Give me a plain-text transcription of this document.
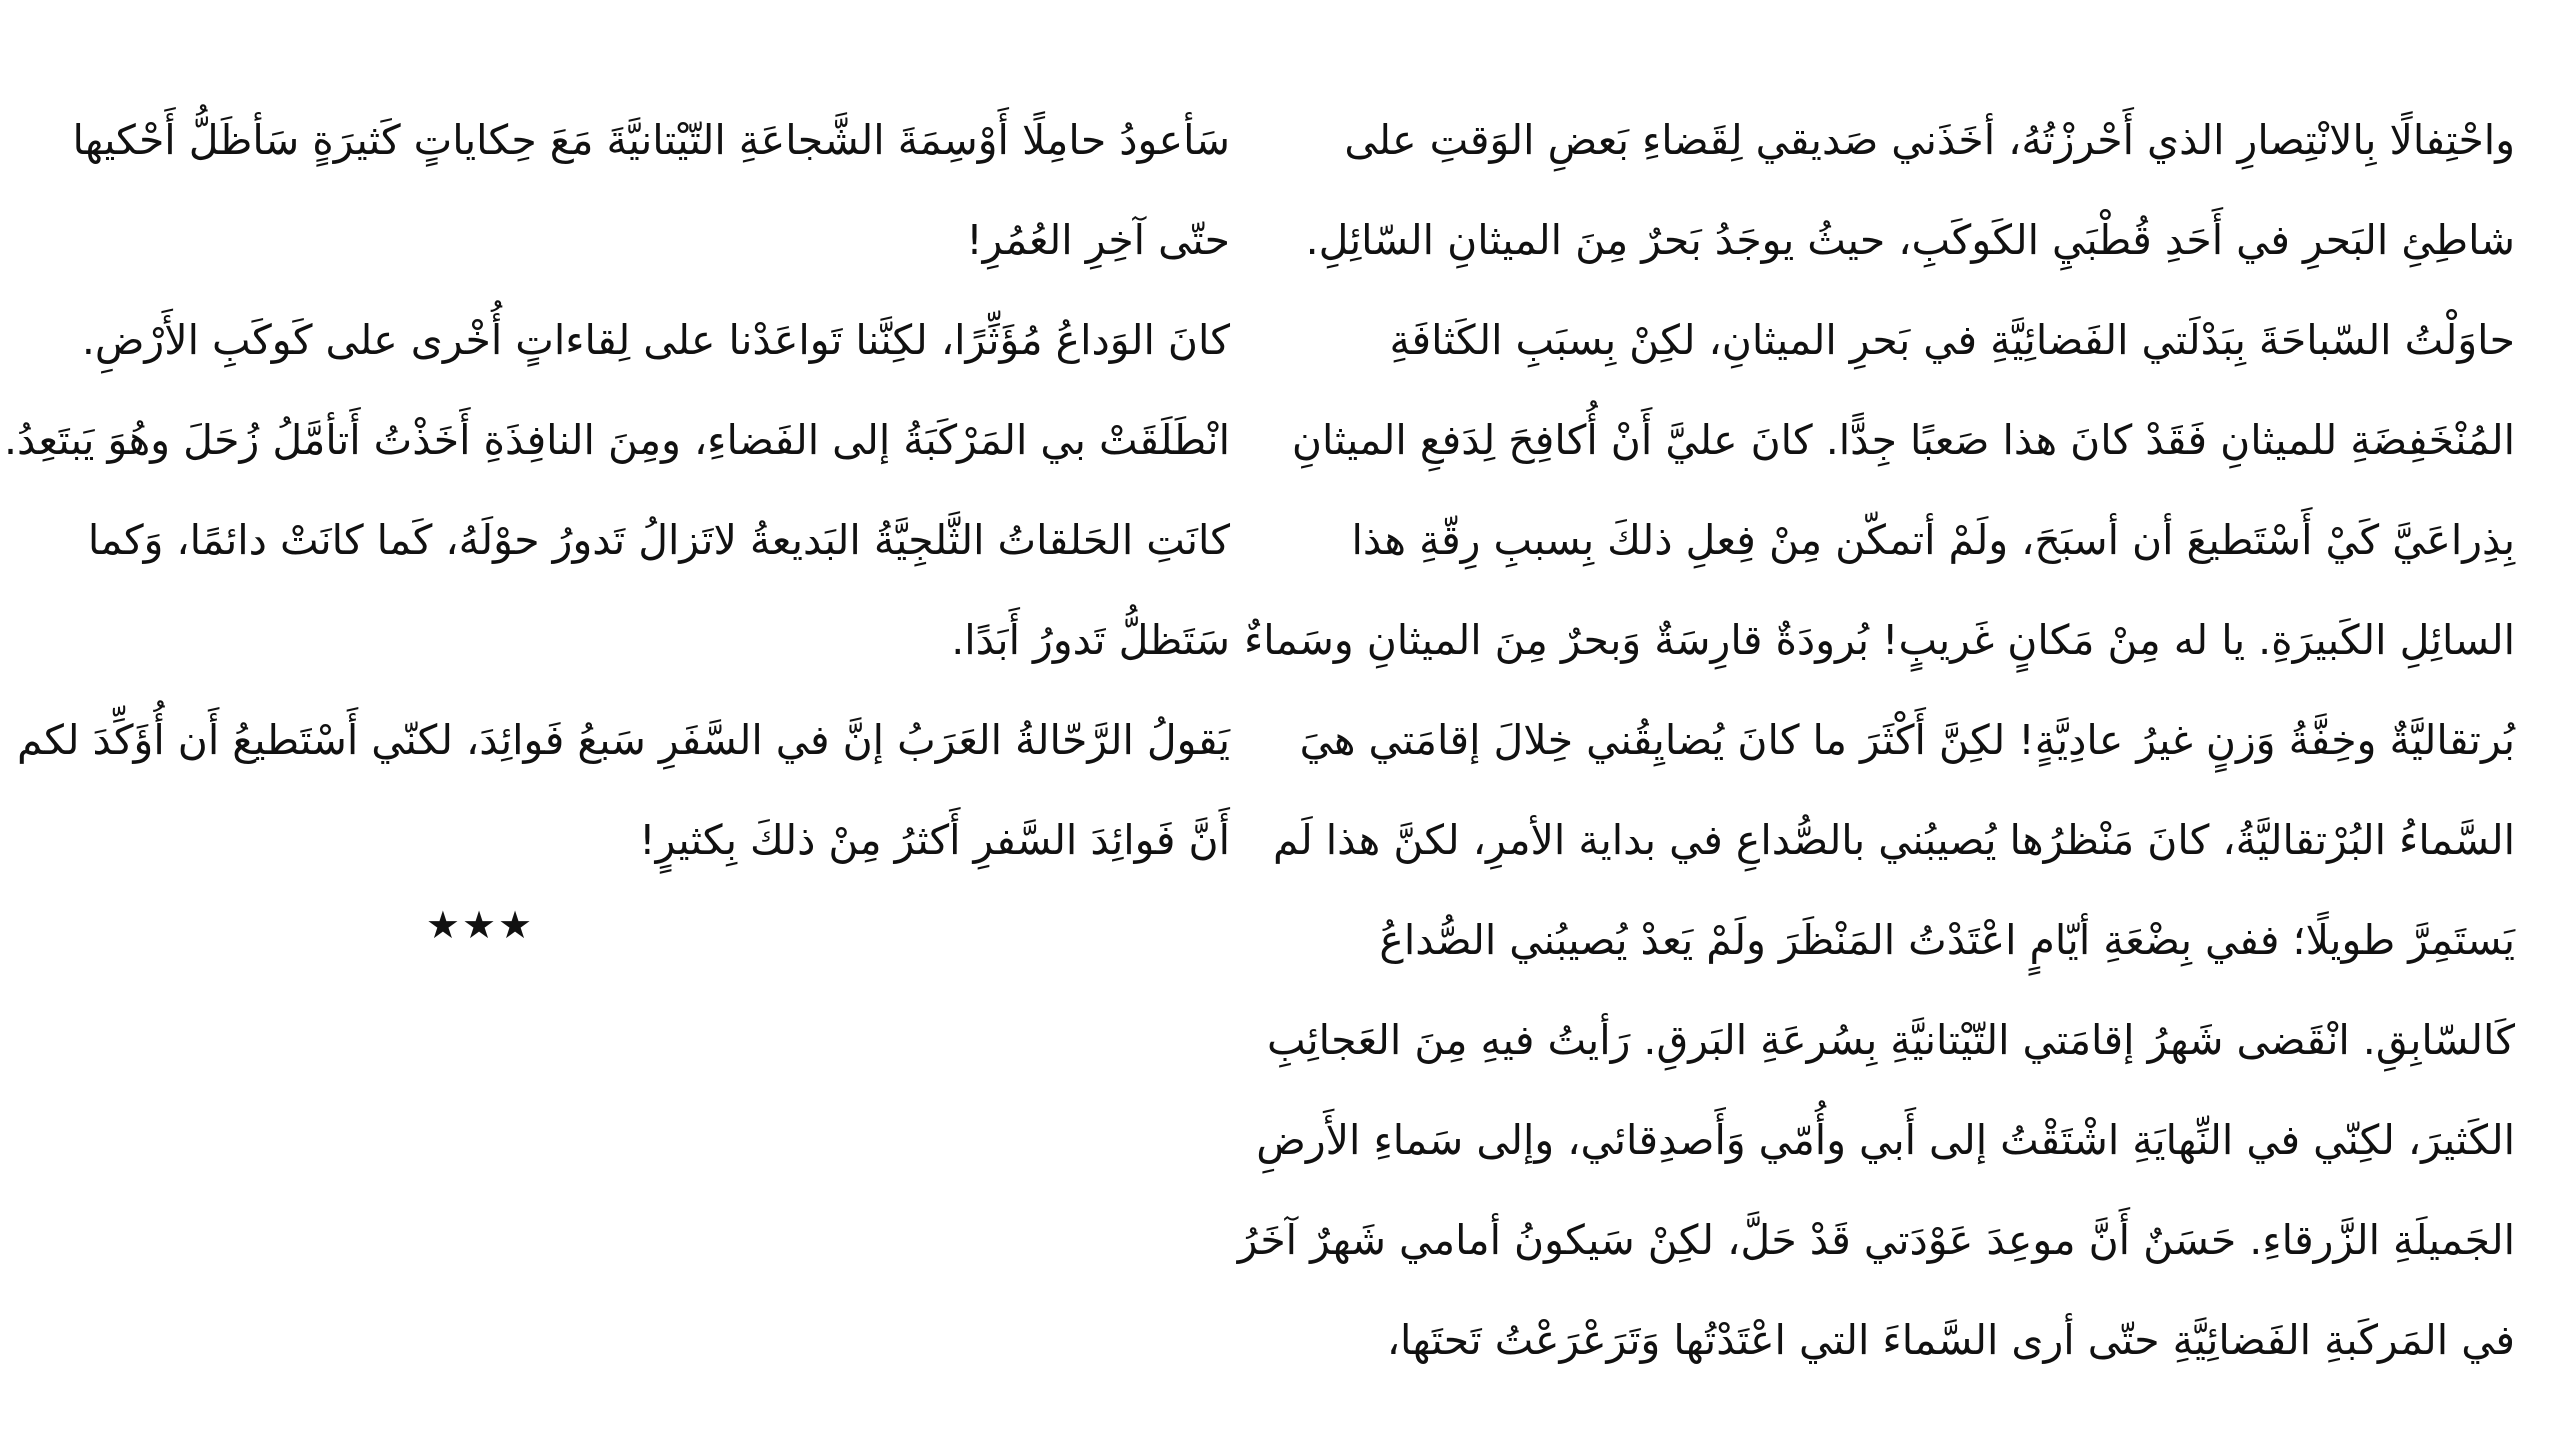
واحْتِفالًا بِالانْتِصارِ الذي أَحْرزْتُهُ، أخَذَني صَديقي لِقَضاءِ بَعضِ الوَقتِ على
شاطِئِ البَحرِ في أَحَدِ قُطْبَيِ الكَوكَبِ، حيثُ يوجَدُ بَحرٌ مِنَ الميثانِ السّائِلِ.
حاوَلْتُ السّباحَةَ بِبَدْلَتي الفَضائِيَّةِ في بَحرِ الميثانِ، لكِنْ بِسبَبِ الكَثافَةِ
المُنْخَفِضَةِ للميثانِ فَقَدْ كانَ هذا صَعبًا جِدًّا. كانَ عليَّ أَنْ أُكافِحَ لِدَفعِ الميثانِ
بِذِراعَيَّ كَيْ أَسْتَطيعَ أن أسبَحَ، ولَمْ أتمكّن مِنْ فِعلِ ذلكَ بِسببِ رِقّةِ هذا
السائِلِ الكَبيرَةِ. يا له مِنْ مَكانٍ غَريبٍ! بُرودَةٌ قارِسَةٌ وَبحرٌ مِنَ الميثانِ وسَماءٌ
بُرتقاليَّةٌ وخِفَّةُ وَزنٍ غيرُ عادِيَّةٍ! لكِنَّ أَكْثَرَ ما كانَ يُضايِقُني خِلالَ إقامَتي هيَ
السَّماءُ البُرْتقاليَّةُ، كانَ مَنْظرُها يُصيبُني بالصُّداعِ في بداية الأمرِ، لكنَّ هذا لَم
يَستَمِرَّ طويلًا؛ ففي بِضْعَةِ أيّامٍ اعْتَدْتُ المَنْظَرَ ولَمْ يَعدْ يُصيبُني الصُّداعُ
كَالسّابِقِ. انْقَضى شَهرُ إقامَتي التّيْتانيَّةِ بِسُرعَةِ البَرقِ. رَأيتُ فيهِ مِنَ العَجائِبِ
الكَثيرَ، لكِنّي في النِّهايَةِ اشْتَقْتُ إلى أَبي وأُمّي وَأَصدِقائي، وإلى سَماءِ الأَرضِ
الجَميلَةِ الزَّرقاءِ. حَسَنٌ أَنَّ موعِدَ عَوْدَتي قَدْ حَلَّ، لكِنْ سَيكونُ أمامي شَهرٌ آخَرُ
في المَركَبةِ الفَضائِيَّةِ حتّى أرى السَّماءَ التي اعْتَدْتُها وَتَرَعْرَعْتُ تَحتَها،
سَأعودُ حامِلًا أَوْسِمَةَ الشَّجاعَةِ التّيْتانيَّةَ مَعَ حِكاياتٍ كَثيرَةٍ سَأظَلُّ أَحْكيها
حتّى آخِرِ العُمُرِ!
كانَ الوَداعُ مُؤَثِّرًا، لكِنَّنا تَواعَدْنا على لِقاءاتٍ أُخْرى على كَوكَبِ الأَرْضِ.
انْطَلَقَتْ بي المَرْكَبَةُ إلى الفَضاءِ، ومِنَ النافِذَةِ أَخَذْتُ أَتأمَّلُ زُحَلَ وهُوَ يَبتَعِدُ.
كانَتِ الحَلقاتُ الثَّلجِيَّةُ البَديعةُ لاتَزالُ تَدورُ حوْلَهُ، كَما كانَتْ دائمًا، وَكما
سَتَظلُّ تَدورُ أَبَدًا.
يَقولُ الرَّحّالةُ العَرَبُ إنَّ في السَّفَرِ سَبعُ فَوائِدَ، لكنّي أَسْتَطيعُ أَن أُؤَكِّدَ لكم
أَنَّ فَوائِدَ السَّفرِ أَكثرُ مِنْ ذلكَ بِكثيرٍ!
★★★
